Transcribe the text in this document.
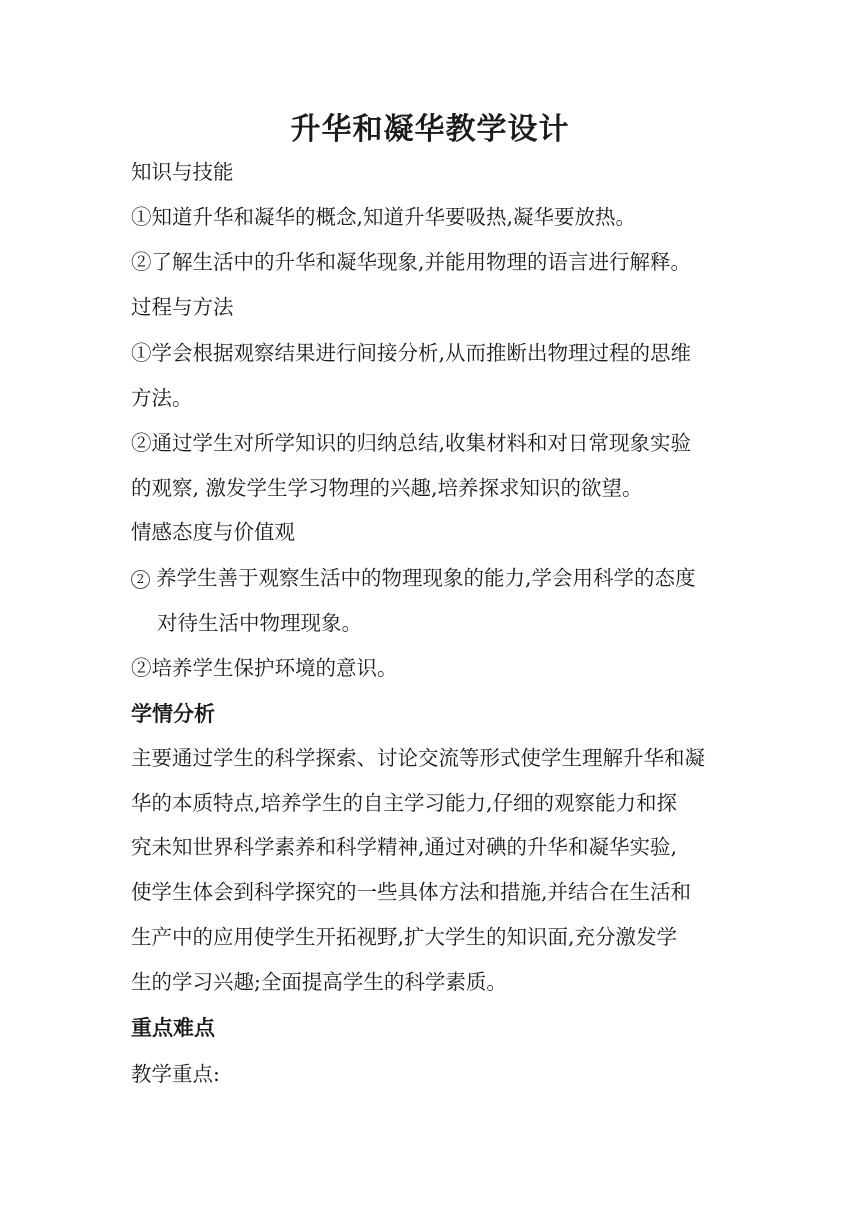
升华和凝华教学设计
知识与技能
①知道升华和凝华的概念,知道升华要吸热,凝华要放热。
②了解生活中的升华和凝华现象,并能用物理的语言进行解释。
过程与方法
①学会根据观察结果进行间接分析,从而推断出物理过程的思维
方法。
②通过学生对所学知识的归纳总结,收集材料和对日常现象实验
的观察, 激发学生学习物理的兴趣,培养探求知识的欲望。
情感态度与价值观
2 养学生善于观察生活中的物理现象的能力,学会用科学的态度
对待生活中物理现象。
②培养学生保护环境的意识。
学情分析
主要通过学生的科学探索、讨论交流等形式使学生理解升华和凝
华的本质特点,培养学生的自主学习能力,仔细的观察能力和探
究未知世界科学素养和科学精神,通过对碘的升华和凝华实验,
使学生体会到科学探究的一些具体方法和措施,并结合在生活和
生产中的应用使学生开拓视野,扩大学生的知识面,充分激发学
生的学习兴趣;全面提高学生的科学素质。
重点难点
教学重点:
